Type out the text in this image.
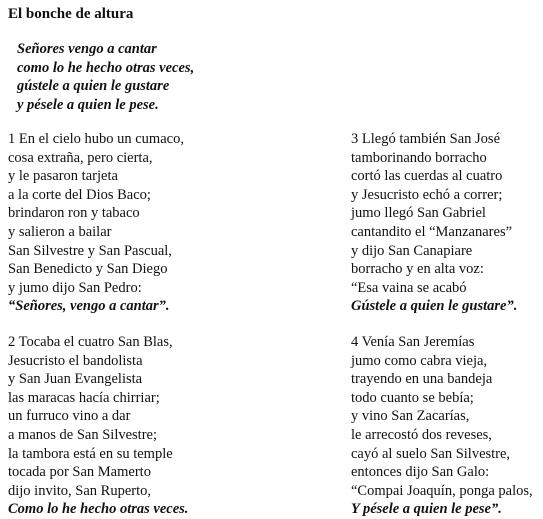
El bonche de altura
Señores vengo a cantar
como lo he hecho otras veces,
gústele a quien le gustare
y pésele a quien le pese.
1 En el cielo hubo un cumaco,
cosa extraña, pero cierta,
y le pasaron tarjeta
a la corte del Dios Baco;
brindaron ron y tabaco
y salieron a bailar
San Silvestre y San Pascual,
San Benedicto y San Diego
y jumo dijo San Pedro:
“Señores, vengo a cantar”.
3 Llegó también San José
tamborinando borracho
cortó las cuerdas al cuatro
y Jesucristo echó a correr;
jumo llegó San Gabriel
cantandito el “Manzanares”
y dijo San Canapiare
borracho y en alta voz:
“Esa vaina se acabó
Gústele a quien le gustare”.
2 Tocaba el cuatro San Blas,
Jesucristo el bandolista
y San Juan Evangelista
las maracas hacía chirriar;
un furruco vino a dar
a manos de San Silvestre;
la tambora está en su temple
tocada por San Mamerto
dijo invito, San Ruperto,
Como lo he hecho otras veces.
4 Venía San Jeremías
jumo como cabra vieja,
trayendo en una bandeja
todo cuanto se bebía;
y vino San Zacarías,
le arrecostó dos reveses,
cayó al suelo San Silvestre,
entonces dijo San Galo:
“Compai Joaquín, ponga palos,
Y pésele a quien le pese”.
